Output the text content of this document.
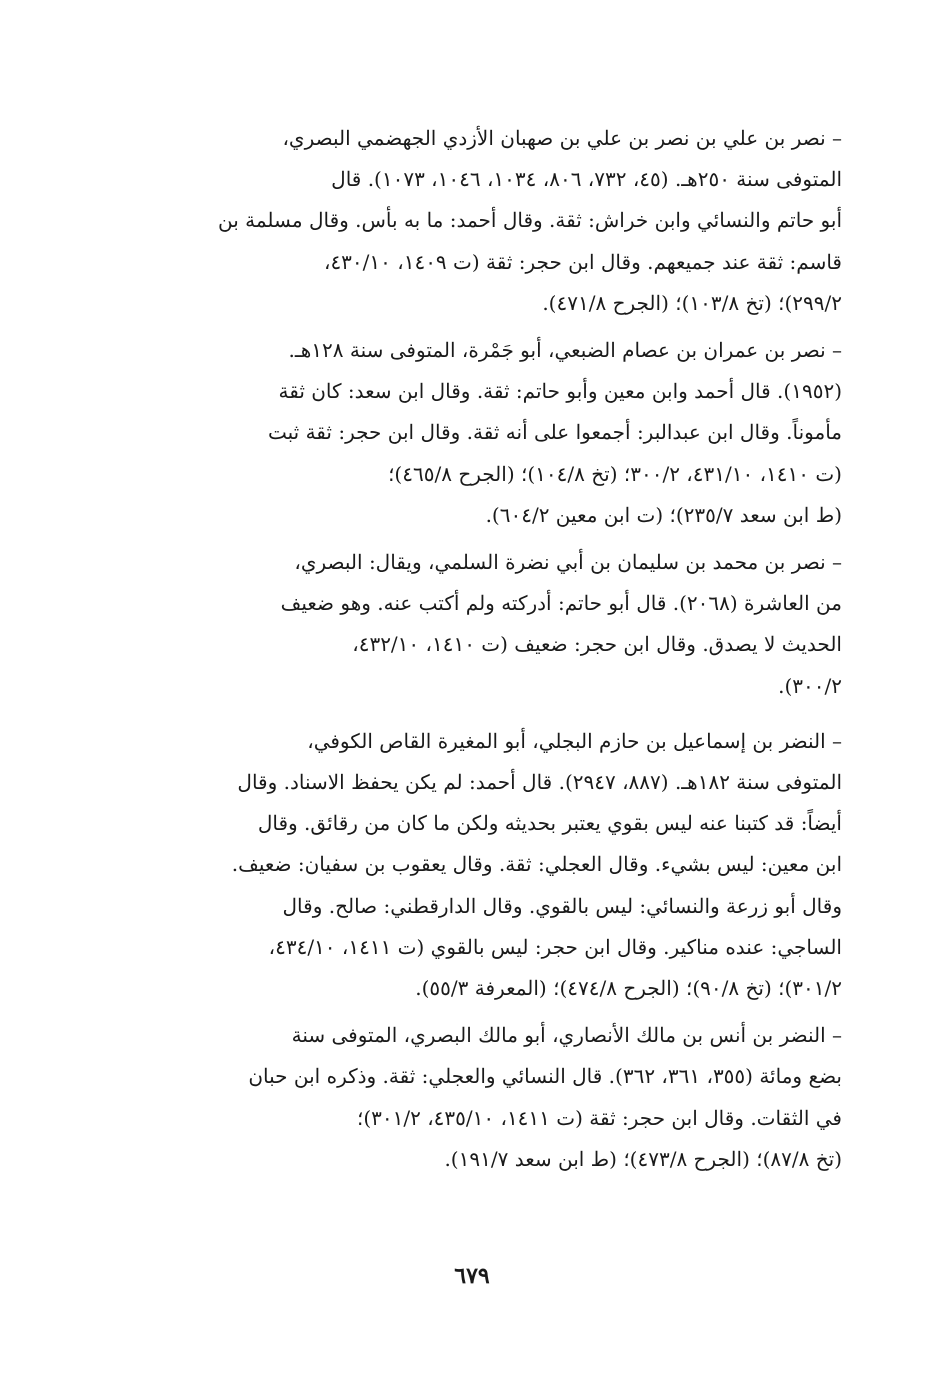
– نصر بن علي بن نصر بن علي بن صهبان الأزدي الجهضمي البصري،
المتوفى سنة ٢٥٠هـ. (٤٥، ٧٣٢، ٨٠٦، ١٠٣٤، ١٠٤٦، ١٠٧٣). قال
أبو حاتم والنسائي وابن خراش: ثقة. وقال أحمد: ما به بأس. وقال مسلمة بن
قاسم: ثقة عند جميعهم. وقال ابن حجر: ثقة (ت ١٤٠٩، ٤٣٠/١٠،
٢٩٩/٢)؛ (تخ ١٠٣/٨)؛ (الجرح ٤٧١/٨).
– نصر بن عمران بن عصام الضبعي، أبو جَمْرة، المتوفى سنة ١٢٨هـ.
(١٩٥٢). قال أحمد وابن معين وأبو حاتم: ثقة. وقال ابن سعد: كان ثقة
مأموناً. وقال ابن عبدالبر: أجمعوا على أنه ثقة. وقال ابن حجر: ثقة ثبت
(ت ١٤١٠، ٤٣١/١٠، ٣٠٠/٢؛ (تخ ١٠٤/٨)؛ (الجرح ٤٦٥/٨)؛
(ط ابن سعد ٢٣٥/٧)؛ (ت ابن معين ٦٠٤/٢).
– نصر بن محمد بن سليمان بن أبي نضرة السلمي، ويقال: البصري،
من العاشرة (٢٠٦٨). قال أبو حاتم: أدركته ولم أكتب عنه. وهو ضعيف
الحديث لا يصدق. وقال ابن حجر: ضعيف (ت ١٤١٠، ٤٣٢/١٠،
٣٠٠/٢).
– النضر بن إسماعيل بن حازم البجلي، أبو المغيرة القاص الكوفي،
المتوفى سنة ١٨٢هـ. (٨٨٧، ٢٩٤٧). قال أحمد: لم يكن يحفظ الاسناد. وقال
أيضاً: قد كتبنا عنه ليس بقوي يعتبر بحديثه ولكن ما كان من رقائق. وقال
ابن معين: ليس بشيء. وقال العجلي: ثقة. وقال يعقوب بن سفيان: ضعيف.
وقال أبو زرعة والنسائي: ليس بالقوي. وقال الدارقطني: صالح. وقال
الساجي: عنده مناكير. وقال ابن حجر: ليس بالقوي (ت ١٤١١، ٤٣٤/١٠،
٣٠١/٢)؛ (تخ ٩٠/٨)؛ (الجرح ٤٧٤/٨)؛ (المعرفة ٥٥/٣).
– النضر بن أنس بن مالك الأنصاري، أبو مالك البصري، المتوفى سنة
بضع ومائة (٣٥٥، ٣٦١، ٣٦٢). قال النسائي والعجلي: ثقة. وذكره ابن حبان
في الثقات. وقال ابن حجر: ثقة (ت ١٤١١، ٤٣٥/١٠، ٣٠١/٢)؛
(تخ ٨٧/٨)؛ (الجرح ٤٧٣/٨)؛ (ط ابن سعد ١٩١/٧).
٦٧٩
